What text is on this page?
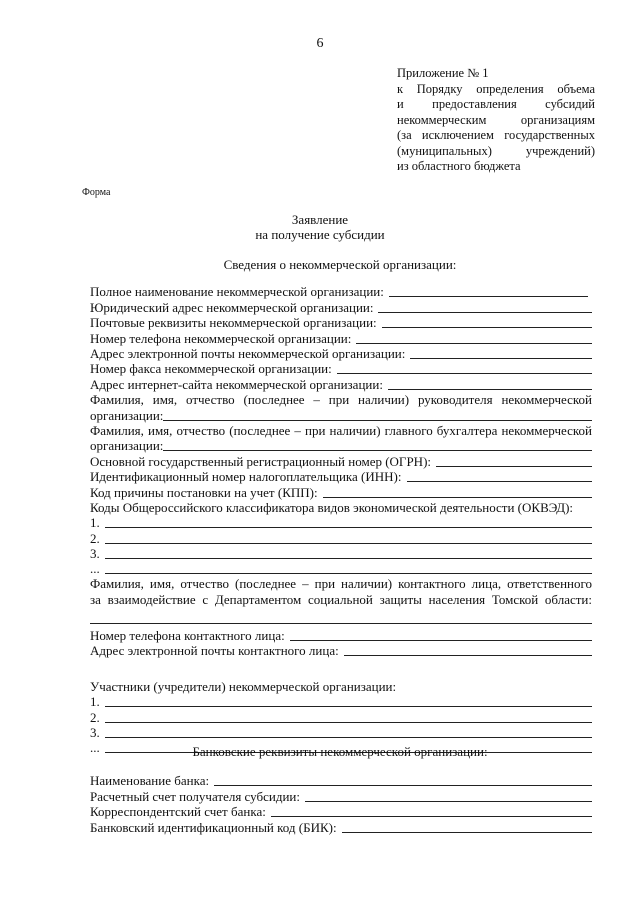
6
Приложение № 1
к Порядку определения объема
и предоставления субсидий
некоммерческим организациям
(за исключением государственных
(муниципальных) учреждений)
из областного бюджета
Форма
Заявление
на получение субсидии
Сведения о некоммерческой организации:
Полное наименование некоммерческой организации:
Юридический адрес некоммерческой организации:
Почтовые реквизиты некоммерческой организации:
Номер телефона некоммерческой организации:
Адрес электронной почты некоммерческой организации:
Номер факса некоммерческой организации:
Адрес интернет-сайта некоммерческой организации:
Фамилия, имя, отчество (последнее – при наличии) руководителя некоммерческой
организации:
Фамилия, имя, отчество (последнее – при наличии) главного бухгалтера некоммерческой
организации:
Основной государственный регистрационный номер (ОГРН):
Идентификационный номер налогоплательщика (ИНН):
Код причины постановки на учет (КПП):
Коды Общероссийского классификатора видов экономической деятельности (ОКВЭД):
1.
2.
3.
...
Фамилия, имя, отчество (последнее – при наличии) контактного лица, ответственного
за взаимодействие с Департаментом социальной защиты населения Томской области:
Номер телефона контактного лица:
Адрес электронной почты контактного лица:
Участники (учредители) некоммерческой организации:
1.
2.
3.
...	Банковские реквизиты некоммерческой организации:
Наименование банка:
Расчетный счет получателя субсидии:
Корреспондентский счет банка:
Банковский идентификационный код (БИК):
